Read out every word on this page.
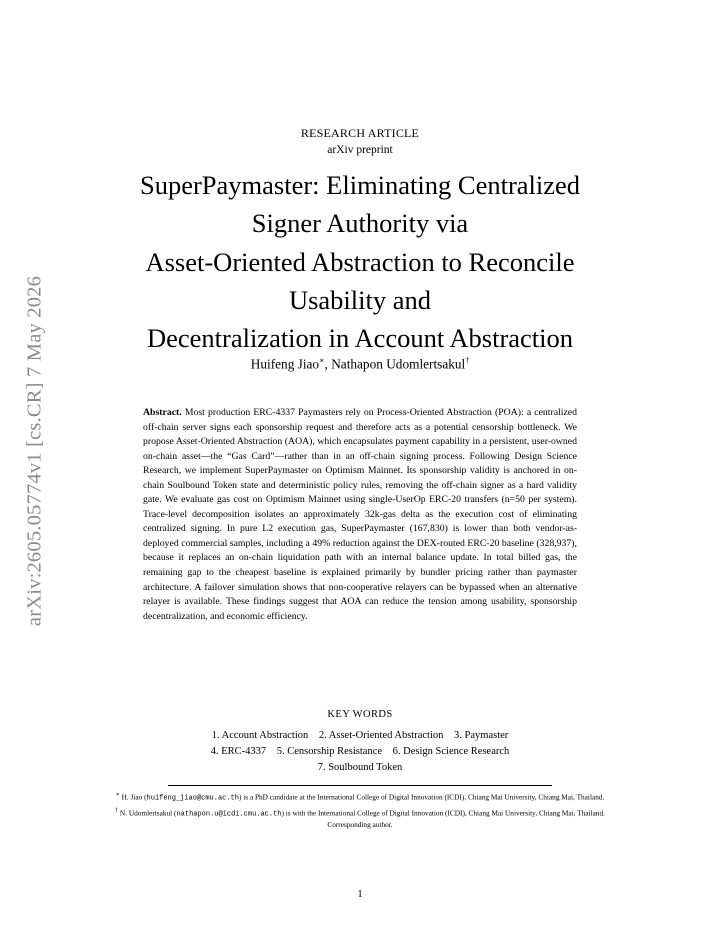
arXiv:2605.05774v1 [cs.CR] 7 May 2026
RESEARCH ARTICLE
arXiv preprint
SuperPaymaster: Eliminating Centralized
Signer Authority via
Asset-Oriented Abstraction to Reconcile
Usability and
Decentralization in Account Abstraction
Huifeng Jiao∗, Nathapon Udomlertsakul†
Abstract. Most production ERC-4337 Paymasters rely on Process-Oriented Abstraction (POA): a centralized off-chain server signs each sponsorship request and therefore acts as a potential censorship bottleneck. We propose Asset-Oriented Abstraction (AOA), which encapsulates payment capability in a persistent, user-owned on-chain asset—the “Gas Card”—rather than in an off-chain signing process. Following Design Science Research, we implement SuperPaymaster on Optimism Mainnet. Its sponsorship validity is anchored in on-chain Soulbound Token state and deterministic policy rules, removing the off-chain signer as a hard validity gate. We evaluate gas cost on Optimism Mainnet using single-UserOp ERC-20 transfers (n=50 per system). Trace-level decomposition isolates an approximately 32k-gas delta as the execution cost of eliminating centralized signing. In pure L2 execution gas, SuperPaymaster (167,830) is lower than both vendor-as-deployed commercial samples, including a 49% reduction against the DEX-routed ERC-20 baseline (328,937), because it replaces an on-chain liquidation path with an internal balance update. In total billed gas, the remaining gap to the cheapest baseline is explained primarily by bundler pricing rather than paymaster architecture. A failover simulation shows that non-cooperative relayers can be bypassed when an alternative relayer is available. These findings suggest that AOA can reduce the tension among usability, sponsorship decentralization, and economic efficiency.
KEY WORDS
1. Account Abstraction 2. Asset-Oriented Abstraction 3. Paymaster
4. ERC-4337 5. Censorship Resistance 6. Design Science Research
7. Soulbound Token

∗ H. Jiao (huifeng_jiao@cmu.ac.th) is a PhD candidate at the International College of Digital Innovation (ICDI), Chiang Mai University, Chiang Mai, Thailand.

† N. Udomlertsakul (nathapon.u@icdi.cmu.ac.th) is with the International College of Digital Innovation (ICDI), Chiang Mai University, Chiang Mai, Thailand. Corresponding author.

1
